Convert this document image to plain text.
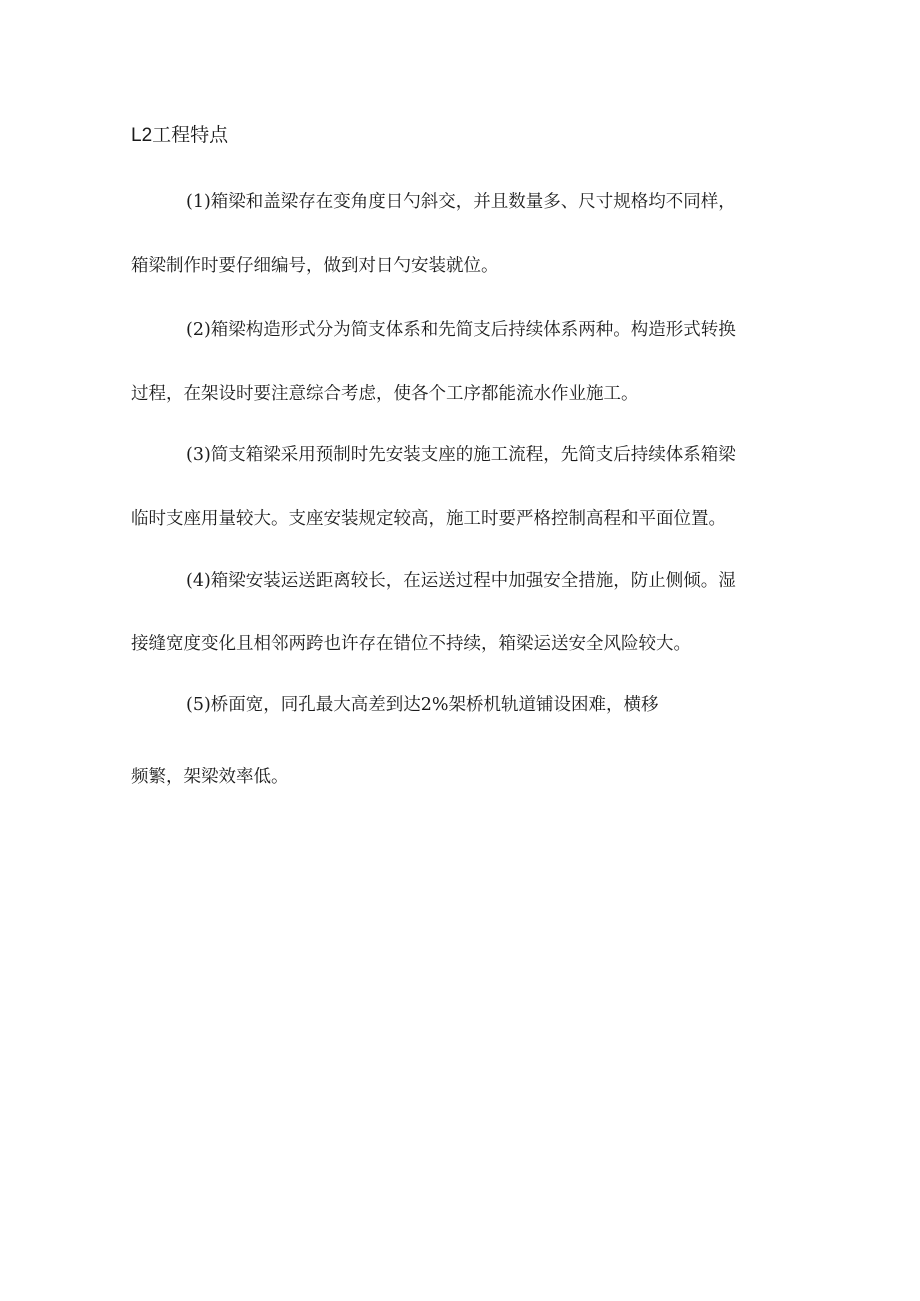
L2工程特点

(1)箱梁和盖梁存在变角度日勺斜交，并且数量多、尺寸规格均不同样，

箱梁制作时要仔细编号，做到对日勺安装就位。

(2)箱梁构造形式分为简支体系和先简支后持续体系两种。构造形式转换

过程，在架设时要注意综合考虑，使各个工序都能流水作业施工。

(3)简支箱梁采用预制时先安装支座的施工流程，先简支后持续体系箱梁

临时支座用量较大。支座安装规定较高，施工时要严格控制高程和平面位置。

(4)箱梁安装运送距离较长，在运送过程中加强安全措施，防止侧倾。湿

接缝宽度变化且相邻两跨也许存在错位不持续，箱梁运送安全风险较大。

(5)桥面宽，同孔最大高差到达2%架桥机轨道铺设困难，横移

频繁，架梁效率低。
